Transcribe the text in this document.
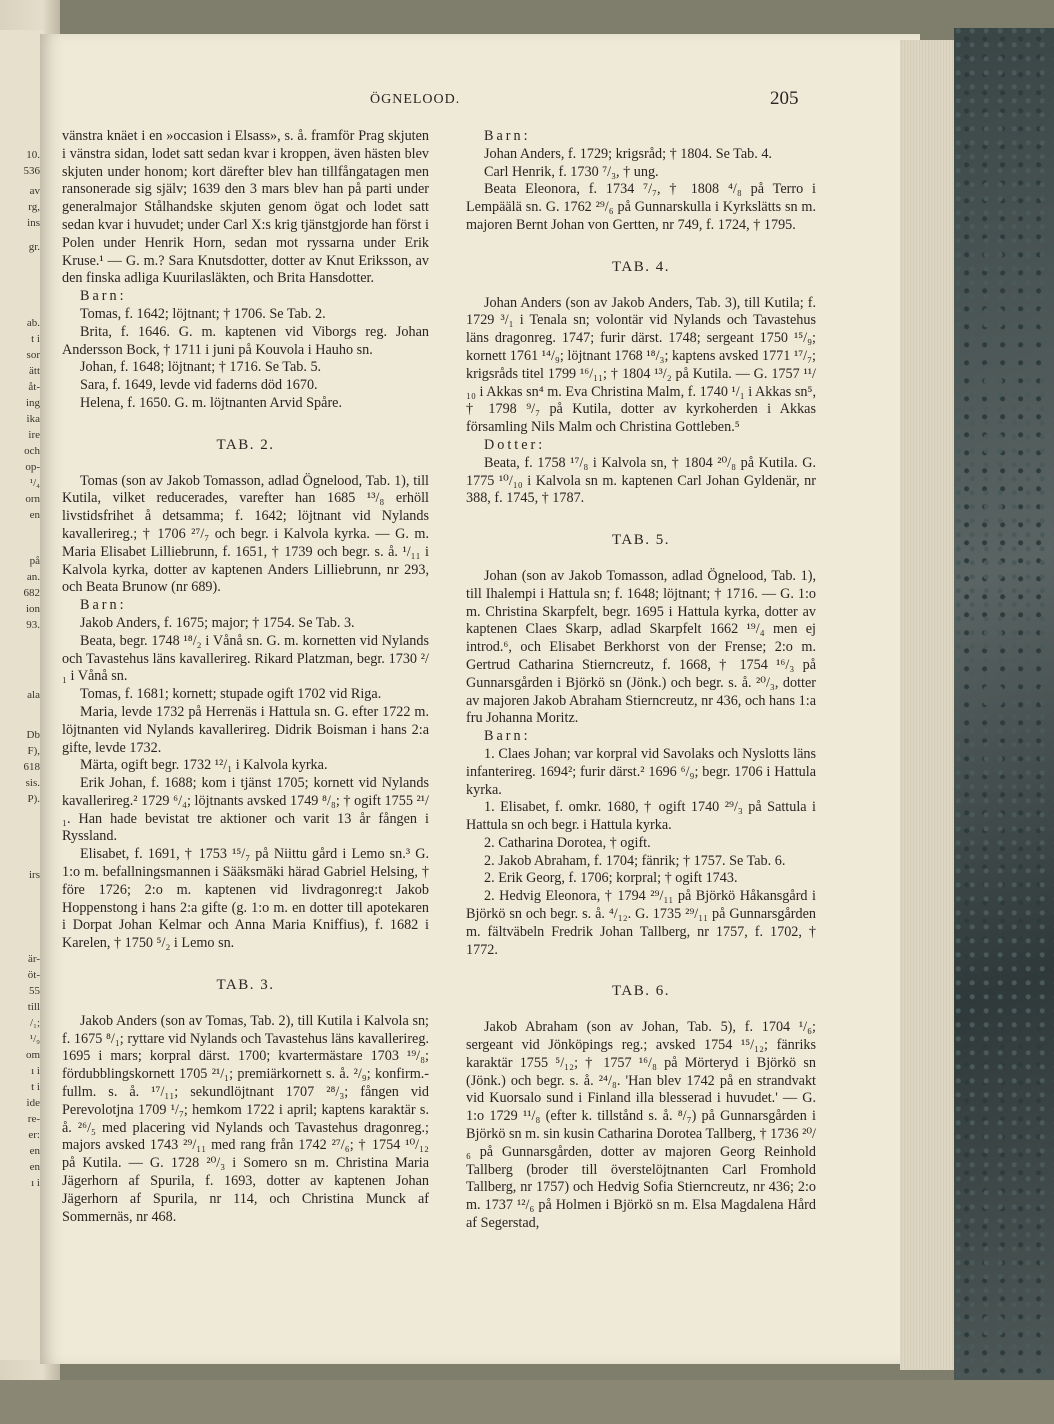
10.
536
av
rg,
ins
gr.
ab.
t i
sor
ätt
åt-
ing
ika
ire
och
op-
¹/₄
orn
en
på
an.
682
ion
93.
ala
Db
F),
618
sis.
P).
irs
är-
öt-
55
till
/₁;
¹/₉
om
ı i
t i
ide
re-
er:
en
en
ı i
ÖGNELOOD.	205

vänstra knäet i en »occasion i Elsass», s. å. framför Prag skjuten i vänstra sidan, lodet satt sedan kvar i kroppen, även hästen blev skjuten under honom; kort därefter blev han tillfångatagen men ransonerade sig själv; 1639 den 3 mars blev han på parti under generalmajor Stålhandske skjuten genom ögat och lodet satt sedan kvar i huvudet; under Carl X:s krig tjänstgjorde han först i Polen under Henrik Horn, sedan mot ryssarna under Erik Kruse.¹ — G. m.? Sara Knutsdotter, dotter av Knut Eriksson, av den finska adliga Kuurilasläkten, och Brita Hansdotter.

Barn:

Tomas, f. 1642; löjtnant; † 1706. Se Tab. 2.

Brita, f. 1646. G. m. kaptenen vid Viborgs reg. Johan Andersson Bock, † 1711 i juni på Kouvola i Hauho sn.

Johan, f. 1648; löjtnant; † 1716. Se Tab. 5.

Sara, f. 1649, levde vid faderns död 1670.

Helena, f. 1650. G. m. löjtnanten Arvid Spåre.

TAB. 2.

Tomas (son av Jakob Tomasson, adlad Ögnelood, Tab. 1), till Kutila, vilket reducerades, varefter han 1685 ¹³/₈ erhöll livstidsfrihet å detsamma; f. 1642; löjtnant vid Nylands kavallerireg.; † 1706 ²⁷/₇ och begr. i Kalvola kyrka. — G. m. Maria Elisabet Lilliebrunn, f. 1651, † 1739 och begr. s. å. ¹/₁₁ i Kalvola kyrka, dotter av kaptenen Anders Lilliebrunn, nr 293, och Beata Brunow (nr 689).

Barn:

Jakob Anders, f. 1675; major; † 1754. Se Tab. 3.

Beata, begr. 1748 ¹⁸/₂ i Vånå sn. G. m. kornetten vid Nylands och Tavastehus läns kavallerireg. Rikard Platzman, begr. 1730 ²/₁ i Vånå sn.

Tomas, f. 1681; kornett; stupade ogift 1702 vid Riga.

Maria, levde 1732 på Herrenäs i Hattula sn. G. efter 1722 m. löjtnanten vid Nylands kavallerireg. Didrik Boisman i hans 2:a gifte, levde 1732.

Märta, ogift begr. 1732 ¹²/₁ i Kalvola kyrka.

Erik Johan, f. 1688; kom i tjänst 1705; kornett vid Nylands kavallerireg.² 1729 ⁶/₄; löjtnants avsked 1749 ⁸/₈; † ogift 1755 ²¹/₁. Han hade bevistat tre aktioner och varit 13 år fången i Ryssland.

Elisabet, f. 1691, † 1753 ¹⁵/₇ på Niittu gård i Lemo sn.³ G. 1:o m. befallningsmannen i Sääksmäki härad Gabriel Helsing, † före 1726; 2:o m. kaptenen vid livdragonreg:t Jakob Hoppenstong i hans 2:a gifte (g. 1:o m. en dotter till apotekaren i Dorpat Johan Kelmar och Anna Maria Kniffius), f. 1682 i Karelen, † 1750 ⁵/₂ i Lemo sn.

TAB. 3.

Jakob Anders (son av Tomas, Tab. 2), till Kutila i Kalvola sn; f. 1675 ⁸/₁; ryttare vid Nylands och Tavastehus läns kavallerireg. 1695 i mars; korpral därst. 1700; kvartermästare 1703 ¹⁹/₈; fördubblingskornett 1705 ²¹/₁; premiärkornett s. å. ²/₉; konfirm.-fullm. s. å. ¹⁷/₁₁; sekundlöjtnant 1707 ²⁸/₃; fången vid Perevolotjna 1709 ¹/₇; hemkom 1722 i april; kaptens karaktär s. å. ²⁶/₅ med placering vid Nylands och Tavastehus dragonreg.; majors avsked 1743 ²⁹/₁₁ med rang från 1742 ²⁷/₆; † 1754 ¹⁰/₁₂ på Kutila. — G. 1728 ²⁰/₃ i Somero sn m. Christina Maria Jägerhorn af Spurila, f. 1693, dotter av kaptenen Johan Jägerhorn af Spurila, nr 114, och Christina Munck af Sommernäs, nr 468.

Barn:

Johan Anders, f. 1729; krigsråd; † 1804. Se Tab. 4.

Carl Henrik, f. 1730 ⁷/₃, † ung.

Beata Eleonora, f. 1734 ⁷/₇, † 1808 ⁴/₈ på Terro i Lempäälä sn. G. 1762 ²⁹/₆ på Gunnarskulla i Kyrkslätts sn m. majoren Bernt Johan von Gertten, nr 749, f. 1724, † 1795.

TAB. 4.

Johan Anders (son av Jakob Anders, Tab. 3), till Kutila; f. 1729 ³/₁ i Tenala sn; volontär vid Nylands och Tavastehus läns dragonreg. 1747; furir därst. 1748; sergeant 1750 ¹⁵/₉; kornett 1761 ¹⁴/₉; löjtnant 1768 ¹⁸/₃; kaptens avsked 1771 ¹⁷/₇; krigsråds titel 1799 ¹⁶/₁₁; † 1804 ¹³/₂ på Kutila. — G. 1757 ¹¹/₁₀ i Akkas sn⁴ m. Eva Christina Malm, f. 1740 ¹/₁ i Akkas sn⁵, † 1798 ⁹/₇ på Kutila, dotter av kyrkoherden i Akkas församling Nils Malm och Christina Gottleben.⁵

Dotter:

Beata, f. 1758 ¹⁷/₈ i Kalvola sn, † 1804 ²⁰/₈ på Kutila. G. 1775 ¹⁰/₁₀ i Kalvola sn m. kaptenen Carl Johan Gyldenär, nr 388, f. 1745, † 1787.

TAB. 5.

Johan (son av Jakob Tomasson, adlad Ögnelood, Tab. 1), till Ihalempi i Hattula sn; f. 1648; löjtnant; † 1716. — G. 1:o m. Christina Skarpfelt, begr. 1695 i Hattula kyrka, dotter av kaptenen Claes Skarp, adlad Skarpfelt 1662 ¹⁹/₄ men ej introd.⁶, och Elisabet Berkhorst von der Frense; 2:o m. Gertrud Catharina Stierncreutz, f. 1668, † 1754 ¹⁶/₃ på Gunnarsgården i Björkö sn (Jönk.) och begr. s. å. ²⁰/₃, dotter av majoren Jakob Abraham Stierncreutz, nr 436, och hans 1:a fru Johanna Moritz.

Barn:

1. Claes Johan; var korpral vid Savolaks och Nyslotts läns infanterireg. 1694²; furir därst.² 1696 ⁶/₉; begr. 1706 i Hattula kyrka.

1. Elisabet, f. omkr. 1680, † ogift 1740 ²⁹/₃ på Sattula i Hattula sn och begr. i Hattula kyrka.

2. Catharina Dorotea, † ogift.

2. Jakob Abraham, f. 1704; fänrik; † 1757. Se Tab. 6.

2. Erik Georg, f. 1706; korpral; † ogift 1743.

2. Hedvig Eleonora, † 1794 ²⁹/₁₁ på Björkö Håkansgård i Björkö sn och begr. s. å. ⁴/₁₂. G. 1735 ²⁹/₁₁ på Gunnarsgården m. fältväbeln Fredrik Johan Tallberg, nr 1757, f. 1702, † 1772.

TAB. 6.

Jakob Abraham (son av Johan, Tab. 5), f. 1704 ¹/₆; sergeant vid Jönköpings reg.; avsked 1754 ¹⁵/₁₂; fänriks karaktär 1755 ⁵/₁₂; † 1757 ¹⁶/₈ på Mörteryd i Björkö sn (Jönk.) och begr. s. å. ²⁴/₈. 'Han blev 1742 på en strandvakt vid Kuorsalo sund i Finland illa blesserad i huvudet.' — G. 1:o 1729 ¹¹/₈ (efter k. tillstånd s. å. ⁸/₇) på Gunnarsgården i Björkö sn m. sin kusin Catharina Dorotea Tallberg, † 1736 ²⁰/₆ på Gunnarsgården, dotter av majoren Georg Reinhold Tallberg (broder till överstelöjtnanten Carl Fromhold Tallberg, nr 1757) och Hedvig Sofia Stierncreutz, nr 436; 2:o m. 1737 ¹²/₆ på Holmen i Björkö sn m. Elsa Magdalena Hård af Segerstad,
